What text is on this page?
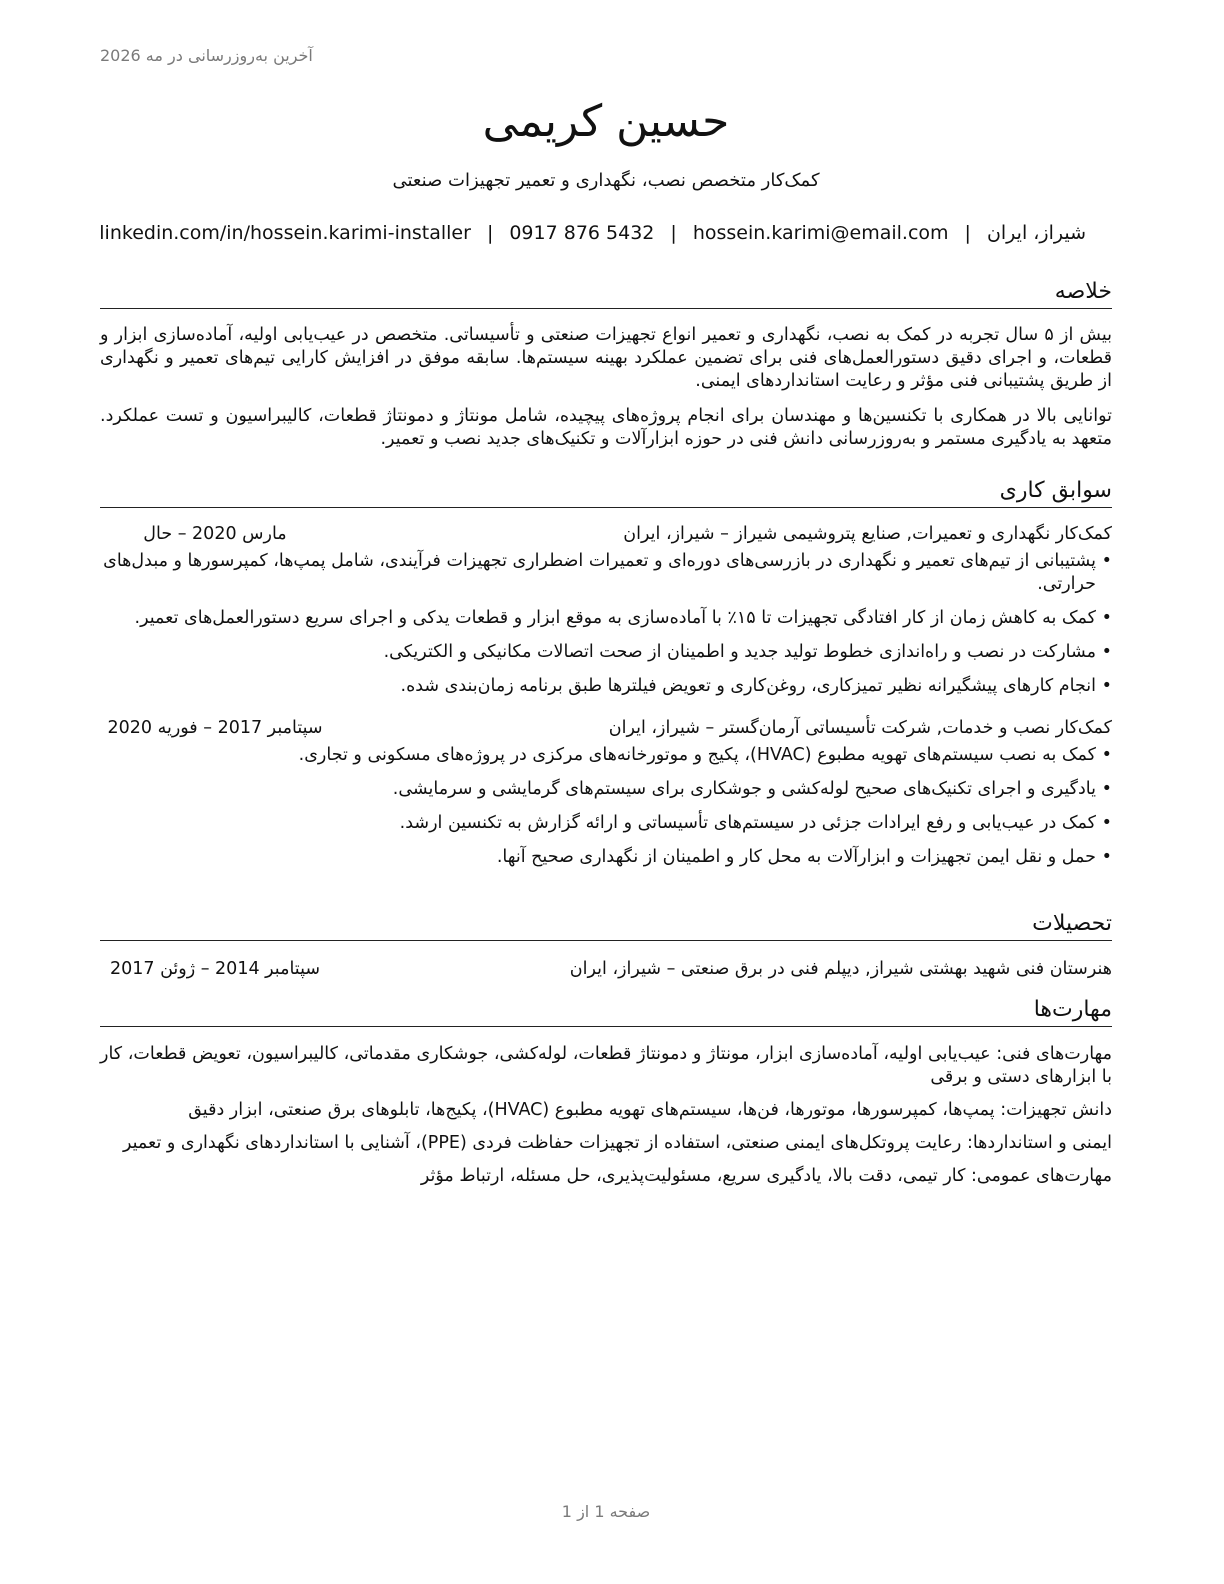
آخرین به‌روزرسانی در مه 2026
حسین کریمی
کمک‌کار متخصص نصب، نگهداری و تعمیر تجهیزات صنعتی
شیراز، ایران|hossein.karimi@email.com|0917 876 5432|linkedin.com/in/hossein.karimi-installer
خلاصه

بیش از ۵ سال تجربه در کمک به نصب، نگهداری و تعمیر انواع تجهیزات صنعتی و تأسیساتی. متخصص در عیب‌یابی اولیه، آماده‌سازی ابزار و قطعات، و اجرای دقیق دستورالعمل‌های فنی برای تضمین عملکرد بهینه سیستم‌ها. سابقه موفق در افزایش کارایی تیم‌های تعمیر و نگهداری از طریق پشتیبانی فنی مؤثر و رعایت استانداردهای ایمنی.

توانایی بالا در همکاری با تکنسین‌ها و مهندسان برای انجام پروژه‌های پیچیده، شامل مونتاژ و دمونتاژ قطعات، کالیبراسیون و تست عملکرد. متعهد به یادگیری مستمر و به‌روزرسانی دانش فنی در حوزه ابزارآلات و تکنیک‌های جدید نصب و تعمیر.

سوابق کاری
کمک‌کار نگهداری و تعمیرات, صنایع پتروشیمی شیراز – شیراز، ایران
مارس 2020 – حال
• پشتیبانی از تیم‌های تعمیر و نگهداری در بازرسی‌های دوره‌ای و تعمیرات اضطراری تجهیزات فرآیندی، شامل پمپ‌ها، کمپرسورها و مبدل‌های حرارتی.
• کمک به کاهش زمان از کار افتادگی تجهیزات تا ۱۵٪ با آماده‌سازی به موقع ابزار و قطعات یدکی و اجرای سریع دستورالعمل‌های تعمیر.
• مشارکت در نصب و راه‌اندازی خطوط تولید جدید و اطمینان از صحت اتصالات مکانیکی و الکتریکی.
• انجام کارهای پیشگیرانه نظیر تمیزکاری، روغن‌کاری و تعویض فیلترها طبق برنامه زمان‌بندی شده.
کمک‌کار نصب و خدمات, شرکت تأسیساتی آرمان‌گستر – شیراز، ایران
سپتامبر 2017 – فوریه 2020
• کمک به نصب سیستم‌های تهویه مطبوع (HVAC)، پکیج و موتورخانه‌های مرکزی در پروژه‌های مسکونی و تجاری.
• یادگیری و اجرای تکنیک‌های صحیح لوله‌کشی و جوشکاری برای سیستم‌های گرمایشی و سرمایشی.
• کمک در عیب‌یابی و رفع ایرادات جزئی در سیستم‌های تأسیساتی و ارائه گزارش به تکنسین ارشد.
• حمل و نقل ایمن تجهیزات و ابزارآلات به محل کار و اطمینان از نگهداری صحیح آنها.
تحصیلات
هنرستان فنی شهید بهشتی شیراز, دیپلم فنی در برق صنعتی – شیراز، ایران
سپتامبر 2014 – ژوئن 2017
مهارت‌ها

مهارت‌های فنی: عیب‌یابی اولیه، آماده‌سازی ابزار، مونتاژ و دمونتاژ قطعات، لوله‌کشی، جوشکاری مقدماتی، کالیبراسیون، تعویض قطعات، کار با ابزارهای دستی و برقی

دانش تجهیزات: پمپ‌ها، کمپرسورها، موتورها، فن‌ها، سیستم‌های تهویه مطبوع (HVAC)، پکیج‌ها، تابلوهای برق صنعتی، ابزار دقیق

ایمنی و استانداردها: رعایت پروتکل‌های ایمنی صنعتی، استفاده از تجهیزات حفاظت فردی (PPE)، آشنایی با استانداردهای نگهداری و تعمیر

مهارت‌های عمومی: کار تیمی، دقت بالا، یادگیری سریع، مسئولیت‌پذیری، حل مسئله، ارتباط مؤثر

صفحه 1 از 1
